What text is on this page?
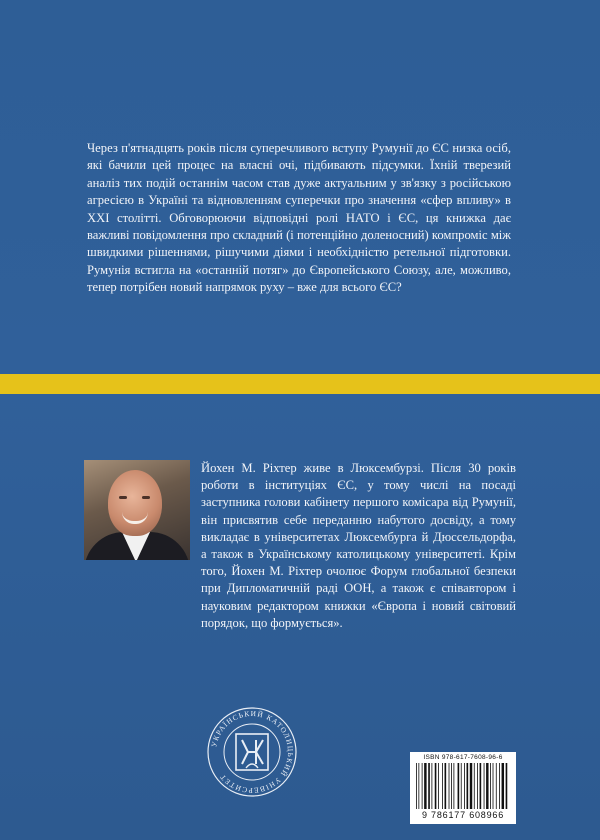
Через п'ятнадцять років після суперечливого вступу Румунії до ЄС низка осіб, які бачили цей процес на власні очі, підбивають підсумки. Їхній тверезий аналіз тих подій останнім часом став дуже актуальним у зв'язку з російською агресією в Україні та відновленням суперечки про значення «сфер впливу» в ХХІ столітті. Обговорюючи відповідні ролі НАТО і ЄС, ця книжка дає важливі повідомлення про складний (і потенційно доленосний) компроміс між швидкими рішеннями, рішучими діями і необхідністю ретельної підготовки. Румунія встигла на «останній потяг» до Європейського Союзу, але, можливо, тепер потрібен новий напрямок руху – вже для всього ЄС?
Йохен М. Ріхтер живе в Люксембурзі. Після 30 років роботи в інституціях ЄС, у тому числі на посаді заступника голови кабінету першого комісара від Румунії, він присвятив себе переданню набутого досвіду, а тому викладає в університетах Люксембурга й Дюссельдорфа, а також в Українському католицькому університеті. Крім того, Йохен М. Ріхтер очолює Форум глобальної безпеки при Дипломатичній раді ООН, а також є співавтором і науковим редактором книжки «Європа і новий світовий порядок, що формується».
УКРАЇНСЬКИЙ КАТОЛИЦЬКИЙ УНІВЕРСИТЕТ
ISBN 978-617-7608-96-6
9 786177 608966
